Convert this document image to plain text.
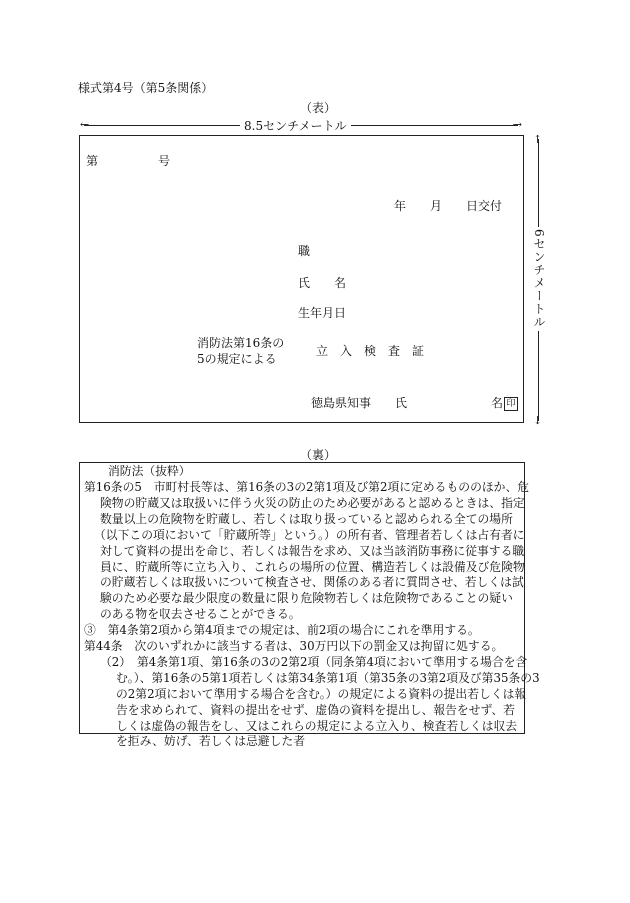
様式第4号（第5条関係）
（表）
←	→
8.5センチメートル
↑
↓
6センチメートル
第	号
年　　月　　日交付
職
氏　　名
生年月日
消防法第16条の
5の規定による
立　入　検　査　証
徳島県知事　　氏	名 印
（裏）
消防法（抜粋）
第16条の5　市町村長等は、第16条の3の2第1項及び第2項に定めるもののほか、危
険物の貯蔵又は取扱いに伴う火災の防止のため必要があると認めるときは、指定
数量以上の危険物を貯蔵し、若しくは取り扱っていると認められる全ての場所
（以下この項において「貯蔵所等」という。）の所有者、管理者若しくは占有者に
対して資料の提出を命じ、若しくは報告を求め、又は当該消防事務に従事する職
員に、貯蔵所等に立ち入り、これらの場所の位置、構造若しくは設備及び危険物
の貯蔵若しくは取扱いについて検査させ、関係のある者に質問させ、若しくは試
験のため必要な最少限度の数量に限り危険物若しくは危険物であることの疑い
のある物を収去させることができる。
③　第4条第2項から第4項までの規定は、前2項の場合にこれを準用する。
第44条　次のいずれかに該当する者は、30万円以下の罰金又は拘留に処する。
（2）　第4条第1項、第16条の3の2第2項（同条第4項において準用する場合を含
む。）、第16条の5第1項若しくは第34条第1項（第35条の3第2項及び第35条の3
の2第2項において準用する場合を含む。）の規定による資料の提出若しくは報
告を求められて、資料の提出をせず、虚偽の資料を提出し、報告をせず、若
しくは虚偽の報告をし、又はこれらの規定による立入り、検査若しくは収去
を拒み、妨げ、若しくは忌避した者
